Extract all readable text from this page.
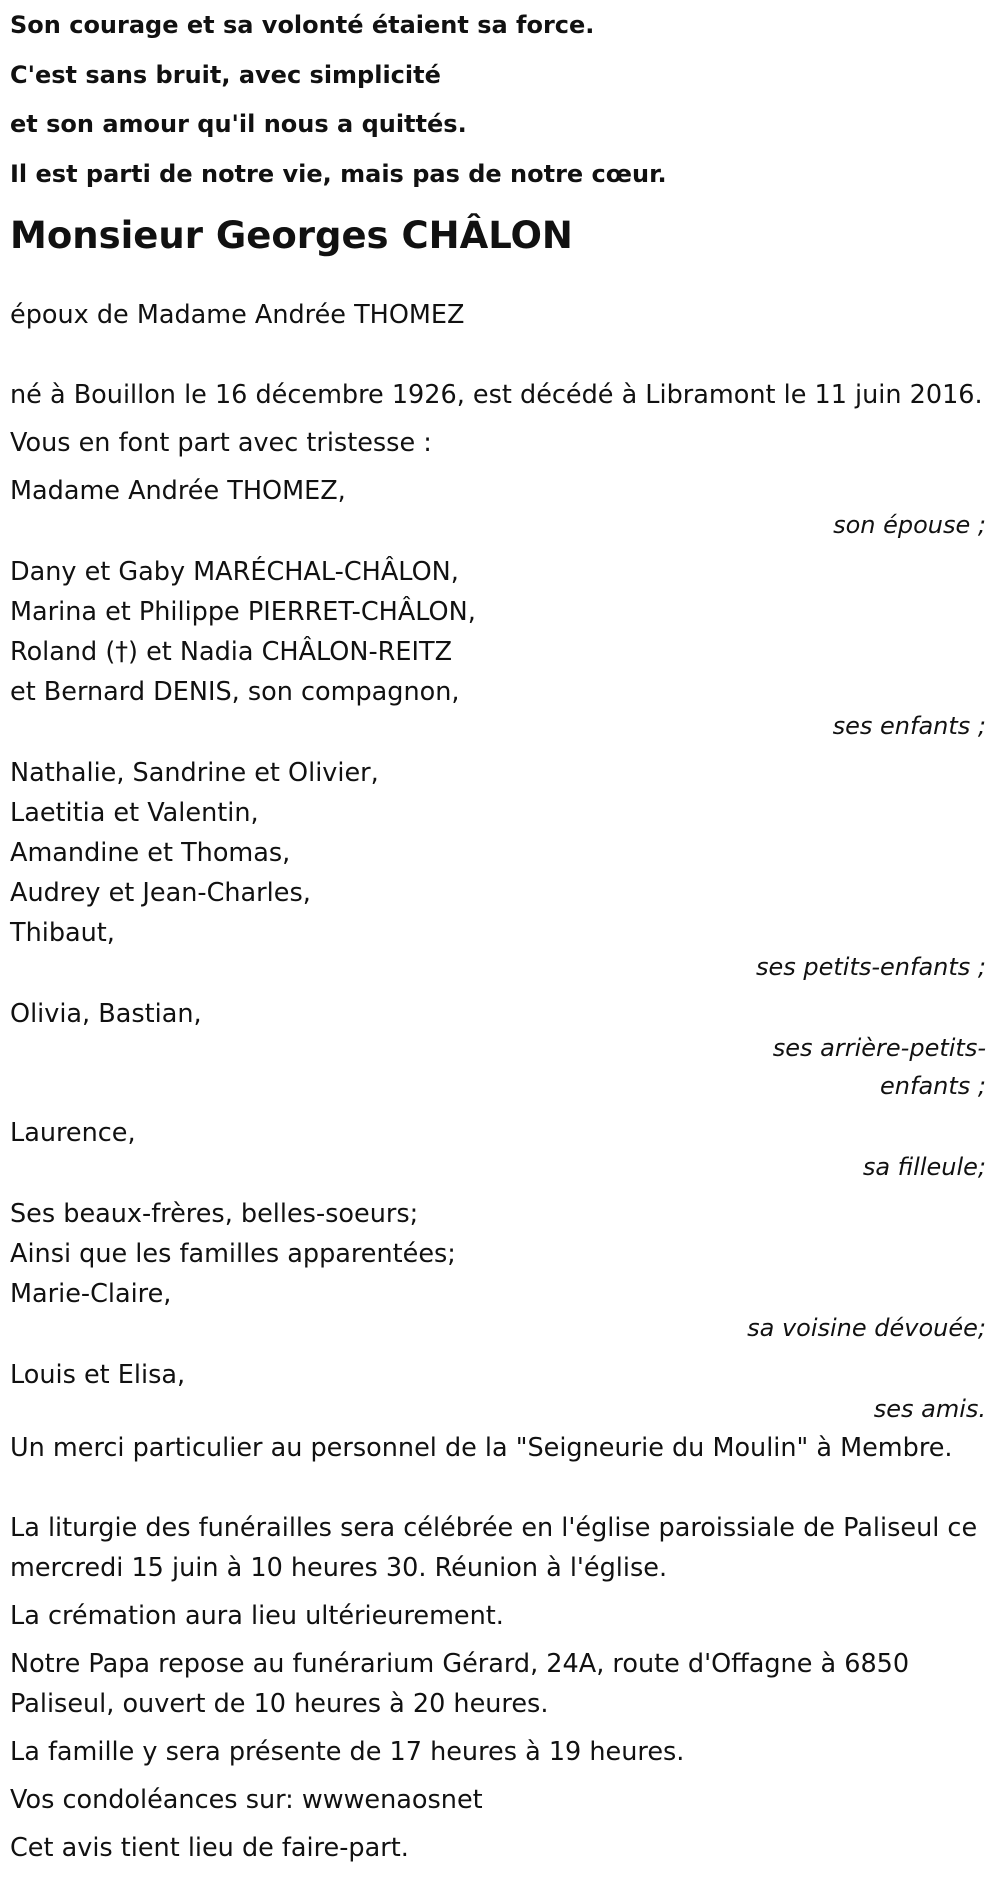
Son courage et sa volonté étaient sa force.

C'est sans bruit, avec simplicité

et son amour qu'il nous a quittés.

Il est parti de notre vie, mais pas de notre cœur.

Monsieur Georges CHÂLON

époux de Madame Andrée THOMEZ

né à Bouillon le 16 décembre 1926, est décédé à Libramont le 11 juin 2016.

Vous en font part avec tristesse :

Madame Andrée THOMEZ,
son épouse ;
Dany et Gaby MARÉCHAL-CHÂLON,
Marina et Philippe PIERRET-CHÂLON,
Roland (†) et Nadia CHÂLON-REITZ
et Bernard DENIS, son compagnon,
ses enfants ;
Nathalie, Sandrine et Olivier,
Laetitia et Valentin,
Amandine et Thomas,
Audrey et Jean-Charles,
Thibaut,
ses petits-enfants ;
Olivia, Bastian,
ses arrière-petits-enfants ;
Laurence,
sa filleule;
Ses beaux-frères, belles-soeurs;
Ainsi que les familles apparentées;
Marie-Claire,
sa voisine dévouée;
Louis et Elisa,
ses amis.

Un merci particulier au personnel de la "Seigneurie du Moulin" à Membre.

La liturgie des funérailles sera célébrée en l'église paroissiale de Paliseul ce mercredi 15 juin à 10 heures 30. Réunion à l'église.

La crémation aura lieu ultérieurement.

Notre Papa repose au funérarium Gérard, 24A, route d'Offagne à 6850 Paliseul, ouvert de 10 heures à 20 heures.

La famille y sera présente de 17 heures à 19 heures.

Vos condoléances sur: wwwenaosnet

Cet avis tient lieu de faire-part.
